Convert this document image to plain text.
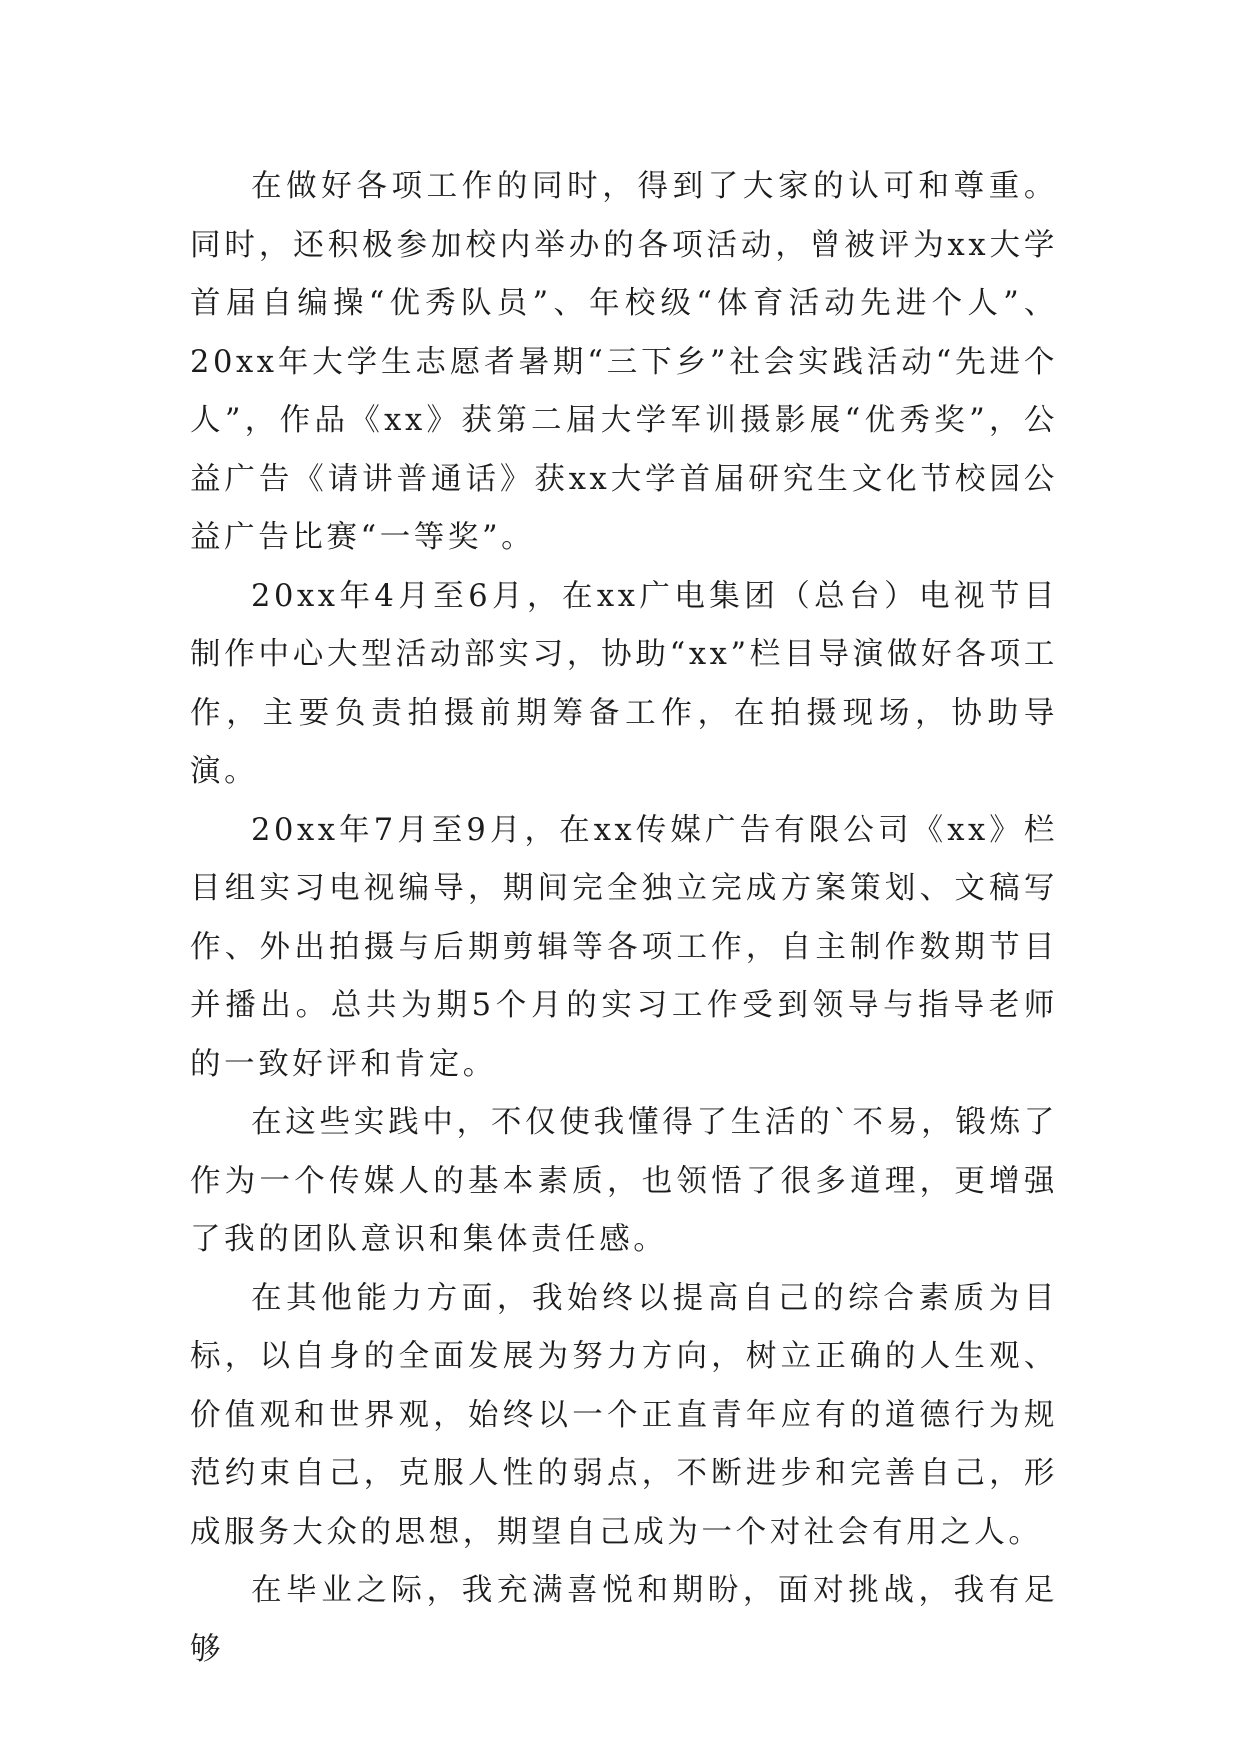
在做好各项工作的同时，得到了大家的认可和尊重。同时，还积极参加校内举办的各项活动，曾被评为xx大学首届自编操“优秀队员”、年校级“体育活动先进个人”、20xx年大学生志愿者暑期“三下乡”社会实践活动“先进个人”，作品《xx》获第二届大学军训摄影展“优秀奖”，公益广告《请讲普通话》获xx大学首届研究生文化节校园公益广告比赛“一等奖”。

20xx年4月至6月，在xx广电集团（总台）电视节目制作中心大型活动部实习，协助“xx”栏目导演做好各项工作，主要负责拍摄前期筹备工作，在拍摄现场，协助导演。

20xx年7月至9月，在xx传媒广告有限公司《xx》栏目组实习电视编导，期间完全独立完成方案策划、文稿写作、外出拍摄与后期剪辑等各项工作，自主制作数期节目并播出。总共为期5个月的实习工作受到领导与指导老师的一致好评和肯定。

在这些实践中，不仅使我懂得了生活的`不易，锻炼了作为一个传媒人的基本素质，也领悟了很多道理，更增强了我的团队意识和集体责任感。

在其他能力方面，我始终以提高自己的综合素质为目标，以自身的全面发展为努力方向，树立正确的人生观、价值观和世界观，始终以一个正直青年应有的道德行为规范约束自己，克服人性的弱点，不断进步和完善自己，形成服务大众的思想，期望自己成为一个对社会有用之人。

在毕业之际，我充满喜悦和期盼，面对挑战，我有足够
